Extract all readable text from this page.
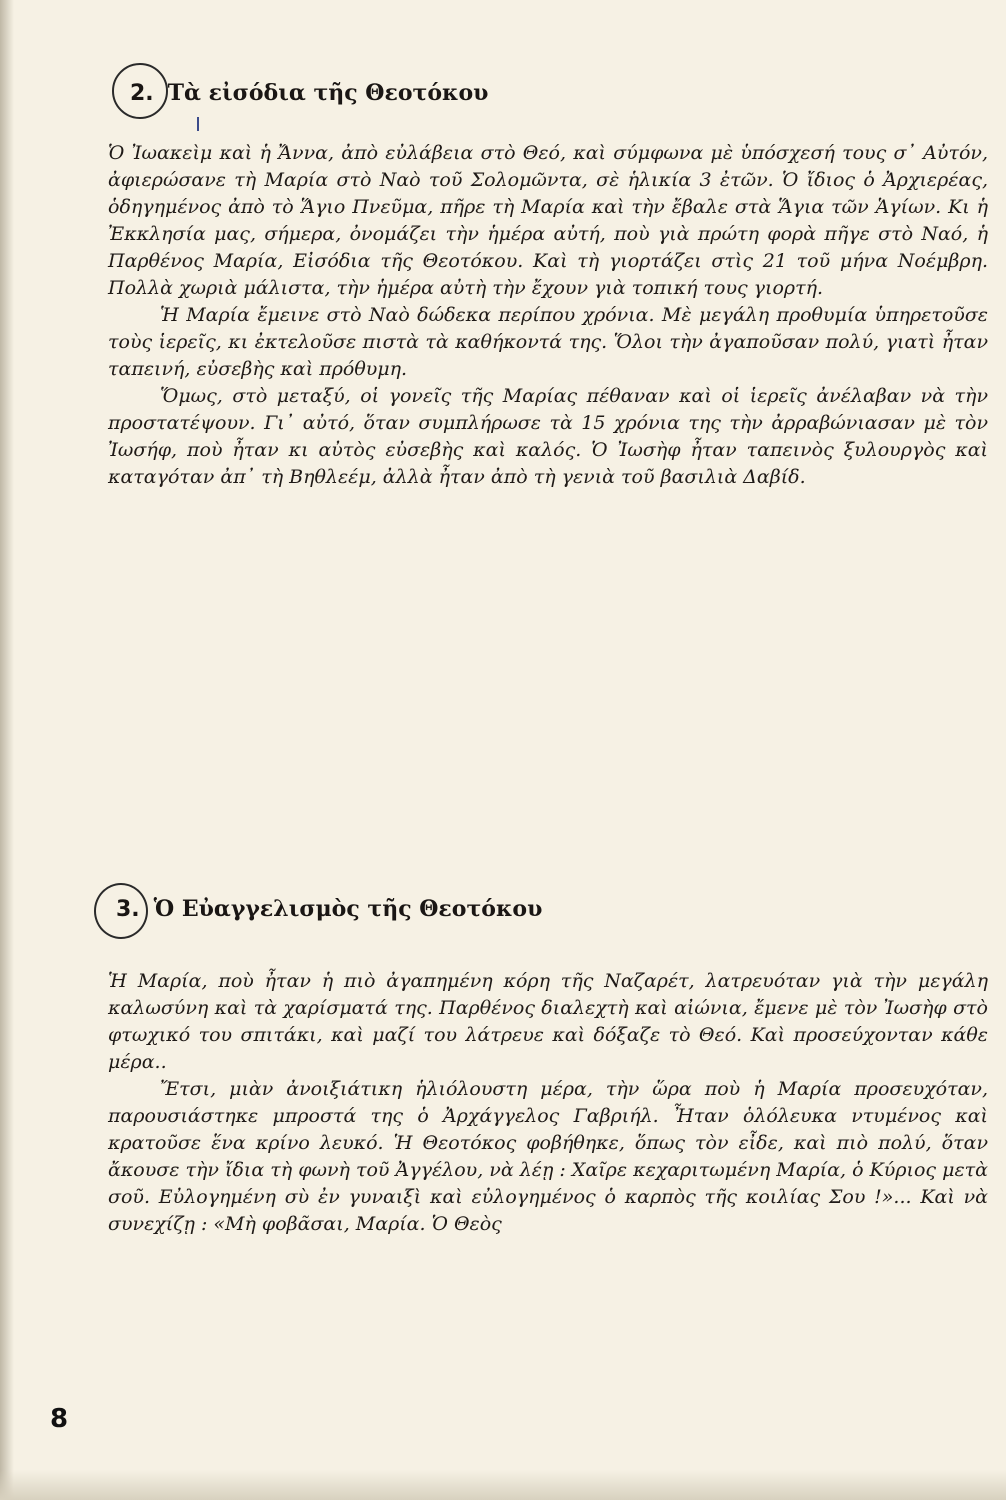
2. Τὰ εἰσόδια τῆς Θεοτόκου

Ὁ Ἰωακεὶμ καὶ ἡ Ἄννα, ἀπὸ εὐλάβεια στὸ Θεό, καὶ σύμφωνα μὲ ὑπόσχεσή τους σ᾿ Αὐτόν, ἀφιερώσανε τὴ Μαρία στὸ Ναὸ τοῦ Σολομῶντα, σὲ ἡλικία 3 ἐτῶν. Ὁ ἴδιος ὁ Ἀρχιερέας, ὁδηγημένος ἀπὸ τὸ Ἅγιο Πνεῦμα, πῆρε τὴ Μαρία καὶ τὴν ἔβαλε στὰ Ἅγια τῶν Ἁγίων. Κι ἡ Ἐκκλησία μας, σήμερα, ὀνομάζει τὴν ἡμέρα αὐτή, ποὺ γιὰ πρώτη φορὰ πῆγε στὸ Ναό, ἡ Παρθένος Μαρία, Εἰσόδια τῆς Θεοτόκου. Καὶ τὴ γιορτάζει στὶς 21 τοῦ μήνα Νοέμβρη. Πολλὰ χωριὰ μάλιστα, τὴν ἡμέρα αὐτὴ τὴν ἔχουν γιὰ τοπική τους γιορτή.

Ἡ Μαρία ἔμεινε στὸ Ναὸ δώδεκα περίπου χρόνια. Μὲ μεγάλη προθυμία ὑπηρετοῦσε τοὺς ἱερεῖς, κι ἐκτελοῦσε πιστὰ τὰ καθήκοντά της. Ὅλοι τὴν ἀγαποῦσαν πολύ, γιατὶ ἦταν ταπεινή, εὐσεβὴς καὶ πρόθυμη.

Ὅμως, στὸ μεταξύ, οἱ γονεῖς τῆς Μαρίας πέθαναν καὶ οἱ ἱερεῖς ἀνέλαβαν νὰ τὴν προστατέψουν. Γι᾿ αὐτό, ὅταν συμπλήρωσε τὰ 15 χρόνια της τὴν ἀρραβώνιασαν μὲ τὸν Ἰωσήφ, ποὺ ἦταν κι αὐτὸς εὐσεβὴς καὶ καλός. Ὁ Ἰωσὴφ ἦταν ταπεινὸς ξυλουργὸς καὶ καταγόταν ἀπ᾿ τὴ Βηθλεέμ, ἀλλὰ ἦταν ἀπὸ τὴ γενιὰ τοῦ βασιλιὰ Δαβίδ.

3. Ὁ Εὐαγγελισμὸς τῆς Θεοτόκου

Ἡ Μαρία, ποὺ ἦταν ἡ πιὸ ἀγαπημένη κόρη τῆς Ναζαρέτ, λατρευόταν γιὰ τὴν μεγάλη καλωσύνη καὶ τὰ χαρίσματά της. Παρθένος διαλεχτὴ καὶ αἰώνια, ἔμενε μὲ τὸν Ἰωσὴφ στὸ φτωχικό του σπιτάκι, καὶ μαζί του λάτρευε καὶ δόξαζε τὸ Θεό. Καὶ προσεύχονταν κάθε μέρα..

Ἔτσι, μιὰν ἀνοιξιάτικη ἡλιόλουστη μέρα, τὴν ὥρα ποὺ ἡ Μαρία προσευχόταν, παρουσιάστηκε μπροστά της ὁ Ἀρχάγγελος Γαβριήλ. Ἦταν ὁλόλευκα ντυμένος καὶ κρατοῦσε ἕνα κρίνο λευκό. Ἡ Θεοτόκος φοβήθηκε, ὅπως τὸν εἶδε, καὶ πιὸ πολύ, ὅταν ἄκουσε τὴν ἴδια τὴ φωνὴ τοῦ Ἀγγέλου, νὰ λέῃ : Χαῖρε κεχαριτωμένη Μαρία, ὁ Κύριος μετὰ σοῦ. Εὐλογημένη σὺ ἐν γυναιξὶ καὶ εὐλογημένος ὁ καρπὸς τῆς κοιλίας Σου !»... Καὶ νὰ συνεχίζῃ : «Μὴ φοβᾶσαι, Μαρία. Ὁ Θεὸς

8
